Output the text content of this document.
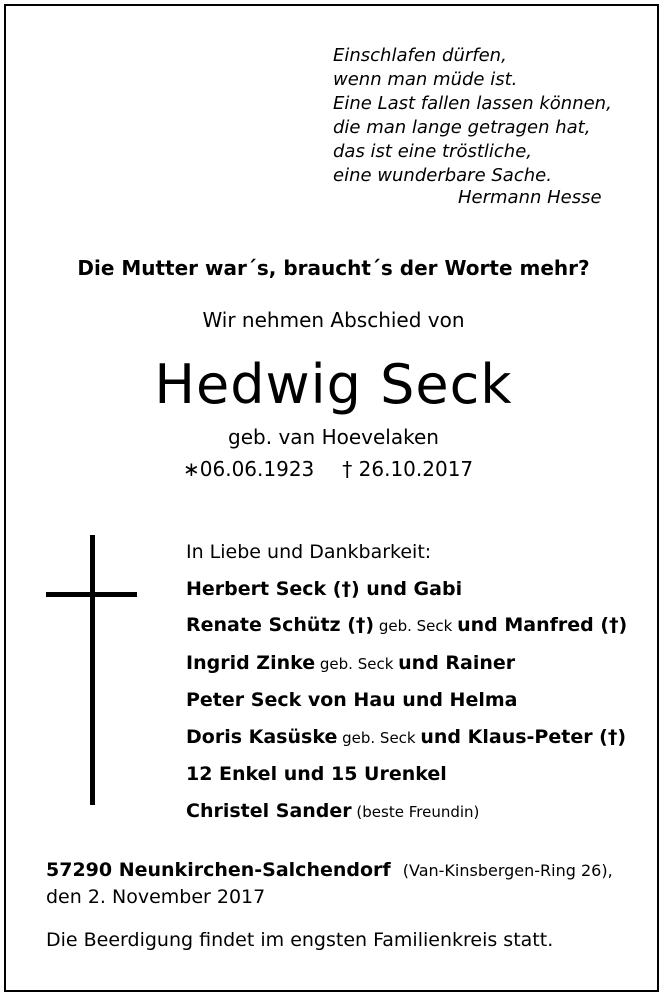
Einschlafen dürfen,
wenn man müde ist.
Eine Last fallen lassen können,
die man lange getragen hat,
das ist eine tröstliche,
eine wunderbare Sache.
Hermann Hesse
Die Mutter war´s, braucht´s der Worte mehr?
Wir nehmen Abschied von
Hedwig Seck
geb. van Hoevelaken
∗06.06.1923 † 26.10.2017
In Liebe und Dankbarkeit:
Herbert Seck (†) und Gabi
Renate Schütz (†) geb. Seck und Manfred (†)
Ingrid Zinke geb. Seck und Rainer
Peter Seck von Hau und Helma
Doris Kasüske geb. Seck und Klaus-Peter (†)
12 Enkel und 15 Urenkel
Christel Sander (beste Freundin)
57290 Neunkirchen-Salchendorf (Van-Kinsbergen-Ring 26),
den 2. November 2017
Die Beerdigung findet im engsten Familienkreis statt.
